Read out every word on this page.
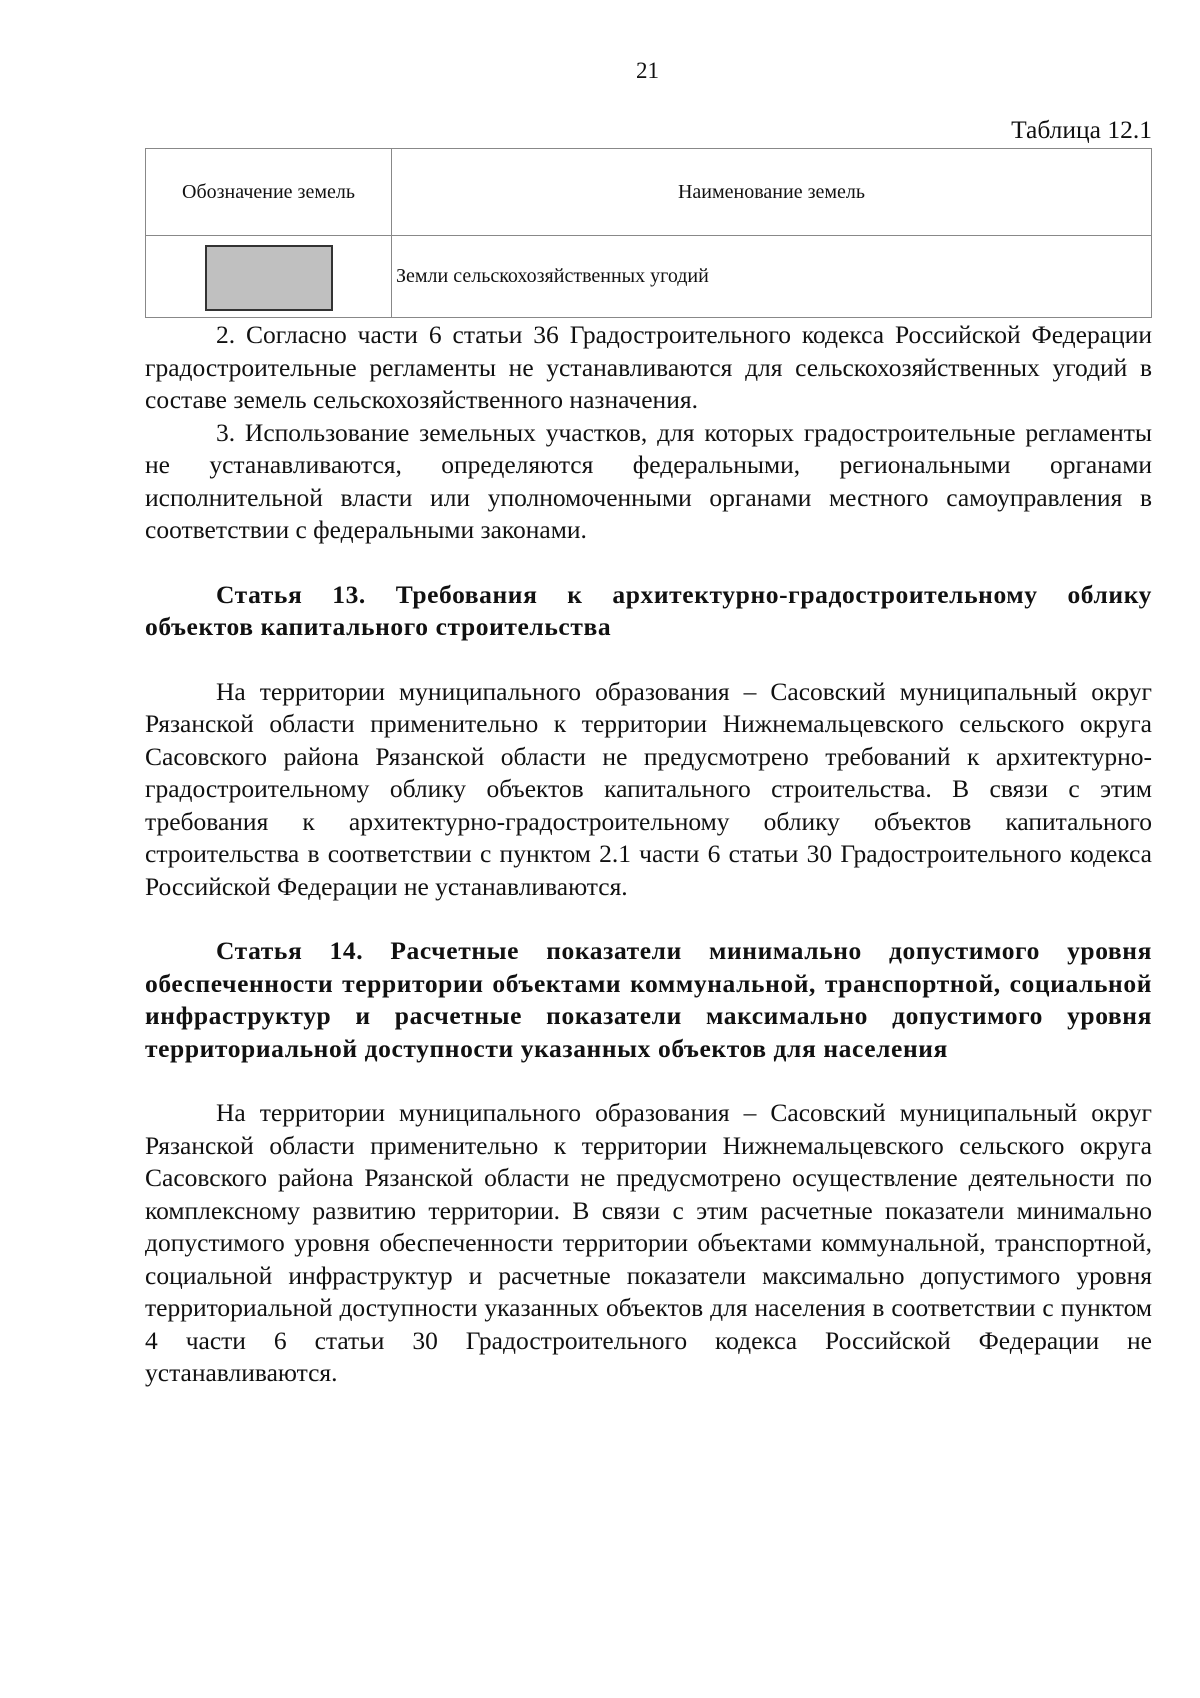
21

Таблица 12.1

Обозначение земель	Наименование земель
	Земли сельскохозяйственных угодий

2. Согласно части 6 статьи 36 Градостроительного кодекса Российской Федерации градостроительные регламенты не устанавливаются для сельскохозяйственных угодий в составе земель сельскохозяйственного назначения.

3. Использование земельных участков, для которых градостроительные регламенты не устанавливаются, определяются федеральными, региональными органами исполнительной власти или уполномоченными органами местного самоуправления в соответствии с федеральными законами.

Статья 13. Требования к архитектурно-градостроительному облику объектов капитального строительства

На территории муниципального образования – Сасовский муниципальный округ Рязанской области применительно к территории Нижнемальцевского сельского округа Сасовского района Рязанской области не предусмотрено требований к архитектурно-градостроительному облику объектов капитального строительства. В связи с этим требования к архитектурно-градостроительному облику объектов капитального строительства в соответствии с пунктом 2.1 части 6 статьи 30 Градостроительного кодекса Российской Федерации не устанавливаются.

Статья 14. Расчетные показатели минимально допустимого уровня обеспеченности территории объектами коммунальной, транспортной, социальной инфраструктур и расчетные показатели максимально допустимого уровня территориальной доступности указанных объектов для населения

На территории муниципального образования – Сасовский муниципальный округ Рязанской области применительно к территории Нижнемальцевского сельского округа Сасовского района Рязанской области не предусмотрено осуществление деятельности по комплексному развитию территории. В связи с этим расчетные показатели минимально допустимого уровня обеспеченности территории объектами коммунальной, транспортной, социальной инфраструктур и расчетные показатели максимально допустимого уровня территориальной доступности указанных объектов для населения в соответствии с пунктом 4 части 6 статьи 30 Градостроительного кодекса Российской Федерации не устанавливаются.
